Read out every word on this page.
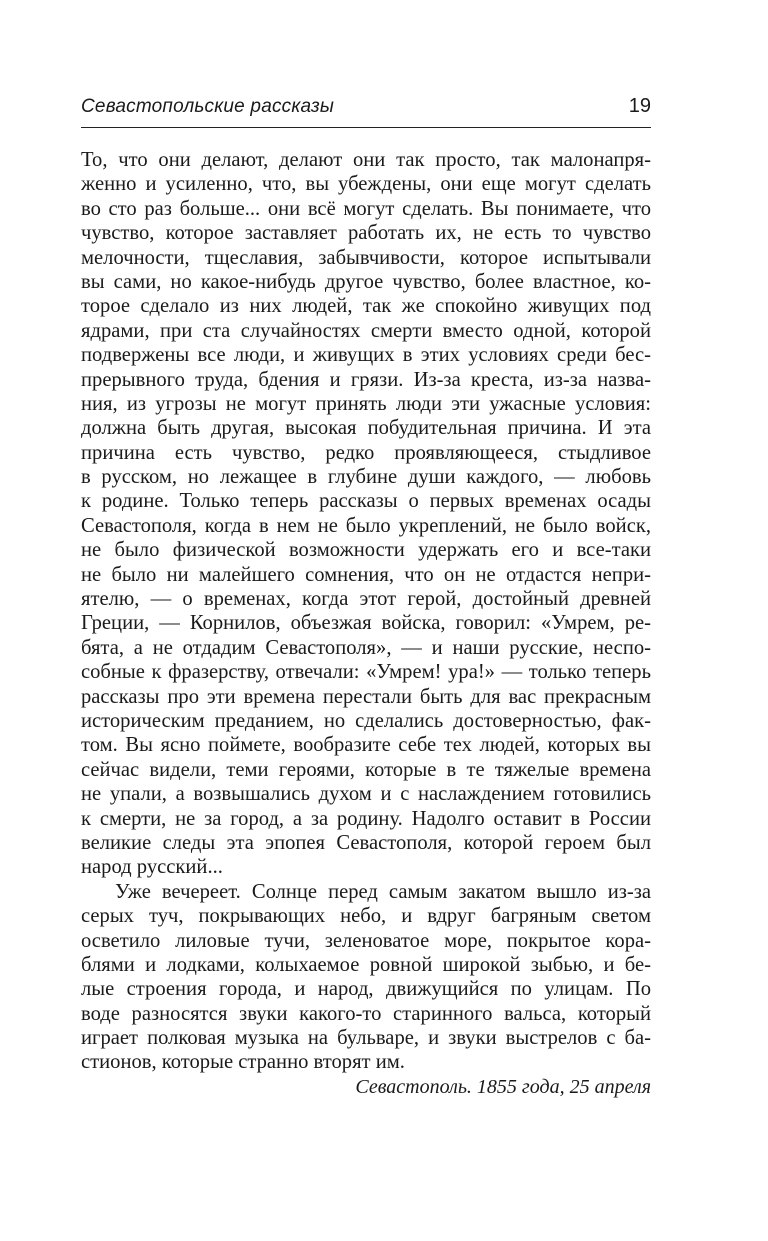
Севастопольские рассказы	19
То, что они делают, делают они так просто, так малонапря-
женно и усиленно, что, вы убеждены, они еще могут сделать
во сто раз больше... они всё могут сделать. Вы понимаете, что
чувство, которое заставляет работать их, не есть то чувство
мелочности, тщеславия, забывчивости, которое испытывали
вы сами, но какое-нибудь другое чувство, более властное, ко-
торое сделало из них людей, так же спокойно живущих под
ядрами, при ста случайностях смерти вместо одной, которой
подвержены все люди, и живущих в этих условиях среди бес-
прерывного труда, бдения и грязи. Из-за креста, из-за назва-
ния, из угрозы не могут принять люди эти ужасные условия:
должна быть другая, высокая побудительная причина. И эта
причина есть чувство, редко проявляющееся, стыдливое
в русском, но лежащее в глубине души каждого, — любовь
к родине. Только теперь рассказы о первых временах осады
Севастополя, когда в нем не было укреплений, не было войск,
не было физической возможности удержать его и все-таки
не было ни малейшего сомнения, что он не отдастся непри-
ятелю, — о временах, когда этот герой, достойный древней
Греции, — Корнилов, объезжая войска, говорил: «Умрем, ре-
бята, а не отдадим Севастополя», — и наши русские, неспо-
собные к фразерству, отвечали: «Умрем! ура!» — только теперь
рассказы про эти времена перестали быть для вас прекрасным
историческим преданием, но сделались достоверностью, фак-
том. Вы ясно поймете, вообразите себе тех людей, которых вы
сейчас видели, теми героями, которые в те тяжелые времена
не упали, а возвышались духом и с наслаждением готовились
к смерти, не за город, а за родину. Надолго оставит в России
великие следы эта эпопея Севастополя, которой героем был
народ русский...
Уже вечереет. Солнце перед самым закатом вышло из-за
серых туч, покрывающих небо, и вдруг багряным светом
осветило лиловые тучи, зеленоватое море, покрытое кора-
блями и лодками, колыхаемое ровной широкой зыбью, и бе-
лые строения города, и народ, движущийся по улицам. По
воде разносятся звуки какого-то старинного вальса, который
играет полковая музыка на бульваре, и звуки выстрелов с ба-
стионов, которые странно вторят им.
Севастополь. 1855 года, 25 апреля
